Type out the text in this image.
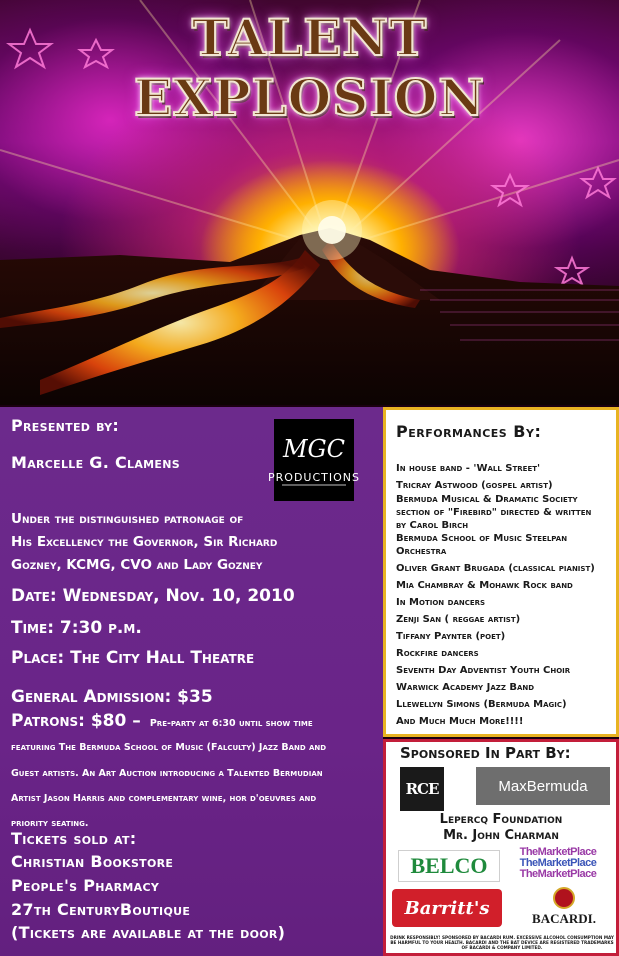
TALENT
EXPLOSION
Presented by:
Marcelle G. Clamens	mgc
PRODUCTIONS
Under the distinguished patronage of
His Excellency the Governor, Sir Richard
Gozney, KCMG, CVO and Lady Gozney
Date: Wednesday, Nov. 10, 2010
Time: 7:30 p.m.
Place: The City Hall Theatre
General Admission: $35
Patrons: $80 – Pre-party at 6:30 until show time
featuring The Bermuda School of Music (Falculty) Jazz Band and
Guest artists. An Art Auction introducing a Talented Bermudian
Artist Jason Harris and complementary wine, hor d'oeuvres and
priority seating.
Tickets sold at:
Christian Bookstore
People's Pharmacy
27th CenturyBoutique
(Tickets are available at the door)
Performances By:
In house band - 'Wall Street'
Tricray Astwood (gospel artist)
Bermuda Musical & Dramatic Society
section of "Firebird" directed & written
by Carol Birch
Bermuda School of Music Steelpan
Orchestra
Oliver Grant Brugada (classical pianist)
Mia Chambray & Mohawk Rock band
In Motion dancers
Zenji San ( reggae artist)
Tiffany Paynter (poet)
Rockfire dancers
Seventh Day Adventist Youth Choir
Warwick Academy Jazz Band
Llewellyn Simons (Bermuda Magic)
And Much Much More!!!!
Sponsored In Part By:
RCE	MaxBermuda
Lepercq Foundation
Mr. John Charman
BELCO
TheMarketPlace
TheMarketPlace
TheMarketPlace
Barritt's	BACARDI.
DRINK RESPONSIBLY! SPONSORED BY BACARDI RUM. EXCESSIVE ALCOHOL CONSUMPTION MAY BE HARMFUL TO YOUR HEALTH. BACARDI AND THE BAT DEVICE ARE REGISTERED TRADEMARKS OF BACARDI & COMPANY LIMITED.
